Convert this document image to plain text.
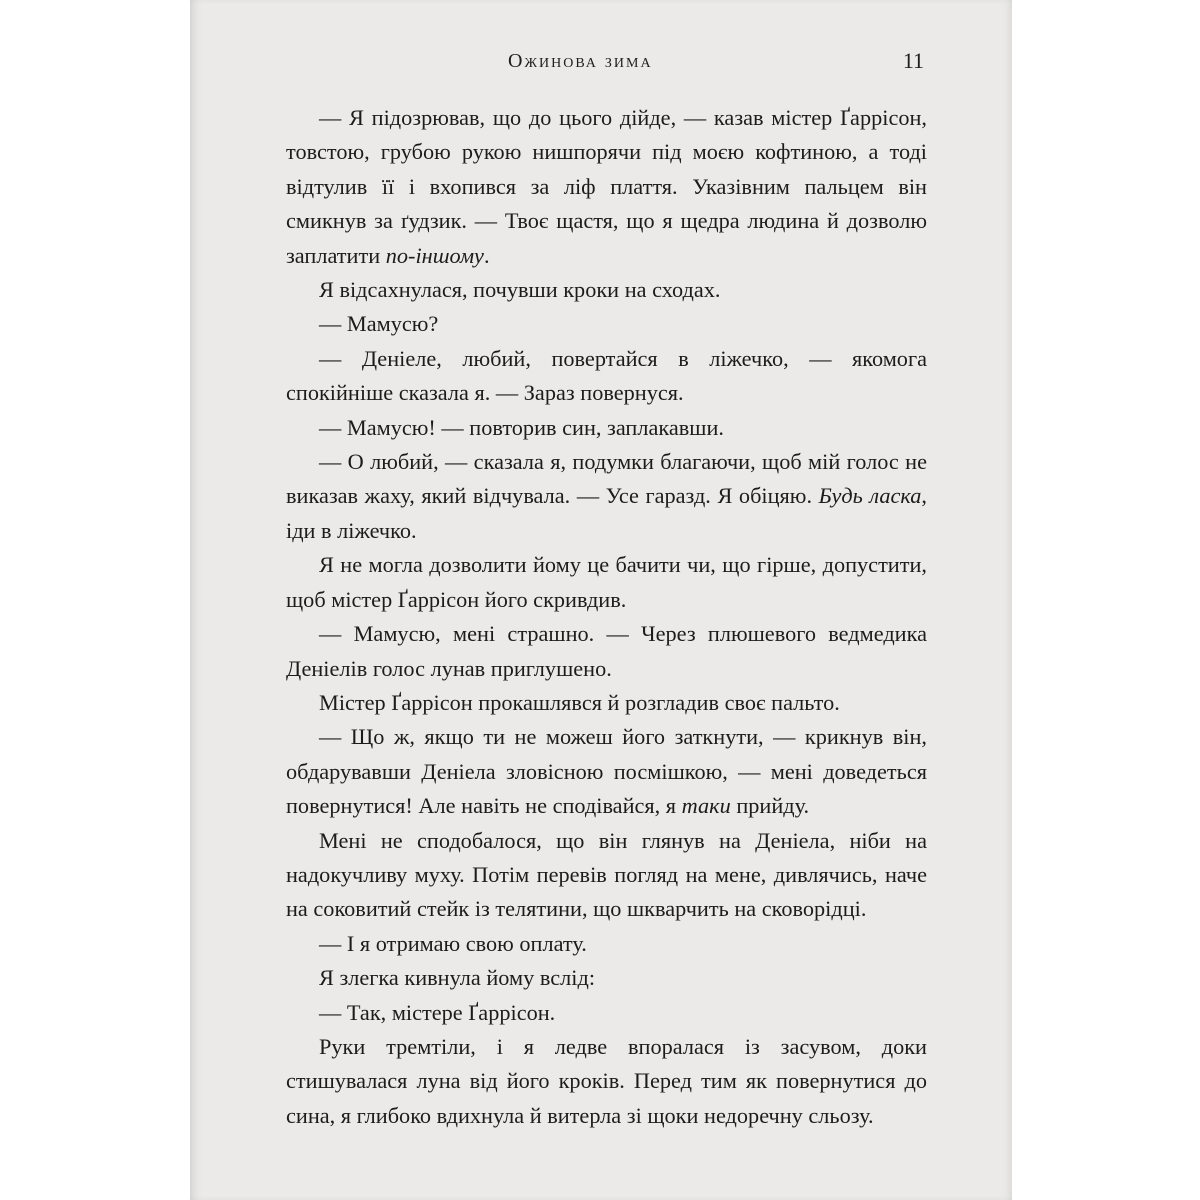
Ожинова зима	11

— Я підозрював, що до цього дійде, — казав містер Ґаррісон, товстою, грубою рукою нишпорячи під моєю кофтиною, а тоді відтулив її і вхопився за ліф плаття. Указівним пальцем він смикнув за ґудзик. — Твоє щастя, що я щедра людина й дозволю заплатити по-іншому.

Я відсахнулася, почувши кроки на сходах.

— Мамусю?

— Деніеле, любий, повертайся в ліжечко, — якомога спокійніше сказала я. — Зараз повернуся.

— Мамусю! — повторив син, заплакавши.

— О любий, — сказала я, подумки благаючи, щоб мій голос не виказав жаху, який відчувала. — Усе гаразд. Я обіцяю. Будь ласка, іди в ліжечко.

Я не могла дозволити йому це бачити чи, що гірше, допустити, щоб містер Ґаррісон його скривдив.

— Мамусю, мені страшно. — Через плюшевого ведмедика Деніелів голос лунав приглушено.

Містер Ґаррісон прокашлявся й розгладив своє пальто.

— Що ж, якщо ти не можеш його заткнути, — крикнув він, обдарувавши Деніела зловісною посмішкою, — мені доведеться повернутися! Але навіть не сподівайся, я таки прийду.

Мені не сподобалося, що він глянув на Деніела, ніби на надокучливу муху. Потім перевів погляд на мене, дивлячись, наче на соковитий стейк із телятини, що шкварчить на сковорідці.

— І я отримаю свою оплату.

Я злегка кивнула йому вслід:

— Так, містере Ґаррісон.

Руки тремтіли, і я ледве впоралася із засувом, доки стишувалася луна від його кроків. Перед тим як повернутися до сина, я глибоко вдихнула й витерла зі щоки недоречну сльозу.
